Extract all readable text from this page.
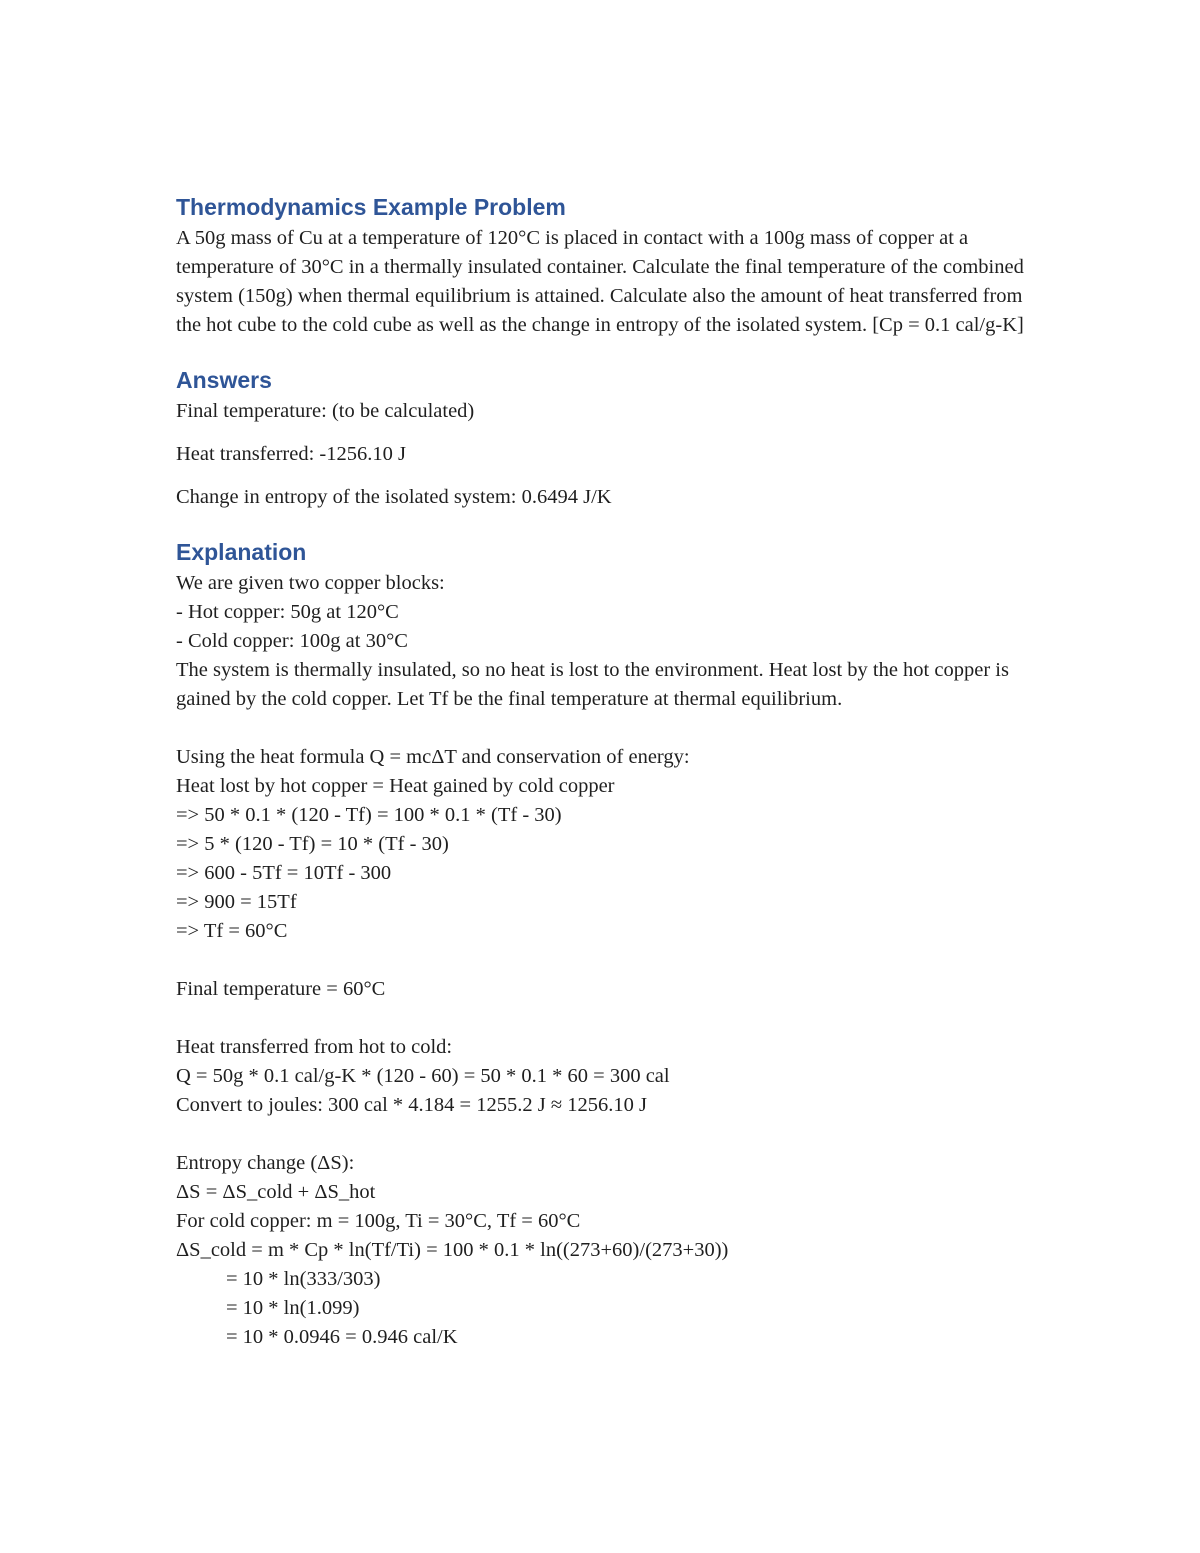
Thermodynamics Example Problem

A 50g mass of Cu at a temperature of 120°C is placed in contact with a 100g mass of copper at a temperature of 30°C in a thermally insulated container. Calculate the final temperature of the combined system (150g) when thermal equilibrium is attained. Calculate also the amount of heat transferred from the hot cube to the cold cube as well as the change in entropy of the isolated system. [Cp = 0.1 cal/g-K]

Answers

Final temperature: (to be calculated)

Heat transferred: -1256.10 J

Change in entropy of the isolated system: 0.6494 J/K

Explanation

We are given two copper blocks:

- Hot copper: 50g at 120°C

- Cold copper: 100g at 30°C

The system is thermally insulated, so no heat is lost to the environment. Heat lost by the hot copper is gained by the cold copper. Let Tf be the final temperature at thermal equilibrium.

Using the heat formula Q = mcΔT and conservation of energy:

Heat lost by hot copper = Heat gained by cold copper

=> 50 * 0.1 * (120 - Tf) = 100 * 0.1 * (Tf - 30)

=> 5 * (120 - Tf) = 10 * (Tf - 30)

=> 600 - 5Tf = 10Tf - 300

=> 900 = 15Tf

=> Tf = 60°C

Final temperature = 60°C

Heat transferred from hot to cold:

Q = 50g * 0.1 cal/g-K * (120 - 60) = 50 * 0.1 * 60 = 300 cal

Convert to joules: 300 cal * 4.184 = 1255.2 J ≈ 1256.10 J

Entropy change (ΔS):

ΔS = ΔS_cold + ΔS_hot

For cold copper: m = 100g, Ti = 30°C, Tf = 60°C

ΔS_cold = m * Cp * ln(Tf/Ti) = 100 * 0.1 * ln((273+60)/(273+30))

= 10 * ln(333/303)

= 10 * ln(1.099)

= 10 * 0.0946 = 0.946 cal/K
